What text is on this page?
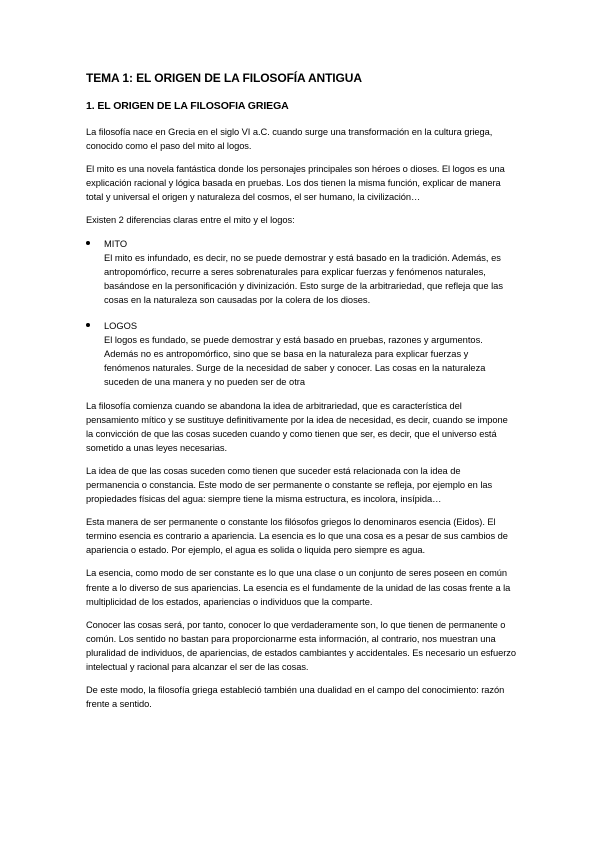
TEMA 1: EL ORIGEN DE LA FILOSOFÍA ANTIGUA
1. EL ORIGEN DE LA FILOSOFIA GRIEGA

La filosofía nace en Grecia en el siglo VI a.C. cuando surge una transformación en la cultura griega, conocido como el paso del mito al logos.

El mito es una novela fantástica donde los personajes principales son héroes o dioses. El logos es una explicación racional y lógica basada en pruebas. Los dos tienen la misma función, explicar de manera total y universal el origen y naturaleza del cosmos, el ser humano, la civilización…

Existen 2 diferencias claras entre el mito y el logos:

MITO
El mito es infundado, es decir, no se puede demostrar y está basado en la tradición. Además, es antropomórfico, recurre a seres sobrenaturales para explicar fuerzas y fenómenos naturales, basándose en la personificación y divinización. Esto surge de la arbitrariedad, que refleja que las cosas en la naturaleza son causadas por la colera de los dioses.
LOGOS
El logos es fundado, se puede demostrar y está basado en pruebas, razones y argumentos. Además no es antropomórfico, sino que se basa en la naturaleza para explicar fuerzas y fenómenos naturales. Surge de la necesidad de saber y conocer. Las cosas en la naturaleza suceden de una manera y no pueden ser de otra

La filosofía comienza cuando se abandona la idea de arbitrariedad, que es característica del pensamiento mítico y se sustituye definitivamente por la idea de necesidad, es decir, cuando se impone la convicción de que las cosas suceden cuando y como tienen que ser, es decir, que el universo está sometido a unas leyes necesarias.

La idea de que las cosas suceden como tienen que suceder está relacionada con la idea de permanencia o constancia. Este modo de ser permanente o constante se refleja, por ejemplo en las propiedades físicas del agua: siempre tiene la misma estructura, es incolora, insípida…

Esta manera de ser permanente o constante los filósofos griegos lo denominaros esencia (Eidos). El termino esencia es contrario a apariencia. La esencia es lo que una cosa es a pesar de sus cambios de apariencia o estado. Por ejemplo, el agua es solida o liquida pero siempre es agua.

La esencia, como modo de ser constante es lo que una clase o un conjunto de seres poseen en común frente a lo diverso de sus apariencias. La esencia es el fundamente de la unidad de las cosas frente a la multiplicidad de los estados, apariencias o individuos que la comparte.

Conocer las cosas será, por tanto, conocer lo que verdaderamente son, lo que tienen de permanente o común. Los sentido no bastan para proporcionarme esta información, al contrario, nos muestran una pluralidad de individuos, de apariencias, de estados cambiantes y accidentales. Es necesario un esfuerzo intelectual y racional para alcanzar el ser de las cosas.

De este modo, la filosofía griega estableció también una dualidad en el campo del conocimiento: razón frente a sentido.
